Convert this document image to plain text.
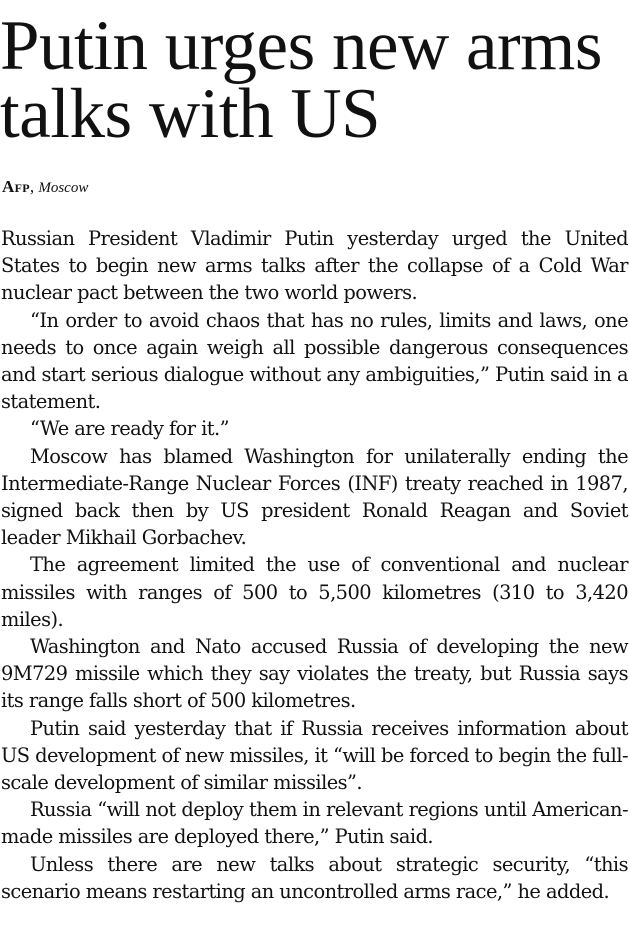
Putin urges new arms talks with US
Afp, Moscow

Russian President Vladimir Putin yesterday urged the United States to begin new arms talks after the collapse of a Cold War nuclear pact between the two world powers.

“In order to avoid chaos that has no rules, limits and laws, one needs to once again weigh all possible dangerous consequences and start serious dialogue without any ambiguities,” Putin said in a statement.

“We are ready for it.”

Moscow has blamed Washington for unilaterally ending the Intermediate-Range Nuclear Forces (INF) treaty reached in 1987, signed back then by US president Ronald Reagan and Soviet leader Mikhail Gorbachev.

The agreement limited the use of conventional and nuclear missiles with ranges of 500 to 5,500 kilometres (310 to 3,420 miles).

Washington and Nato accused Russia of developing the new 9M729 missile which they say violates the treaty, but Russia says its range falls short of 500 kilometres.

Putin said yesterday that if Russia receives information about US development of new missiles, it “will be forced to begin the full-scale development of similar missiles”.

Russia “will not deploy them in relevant regions until American-made missiles are deployed there,” Putin said.

Unless there are new talks about strategic security, “this scenario means restarting an uncontrolled arms race,” he added.
